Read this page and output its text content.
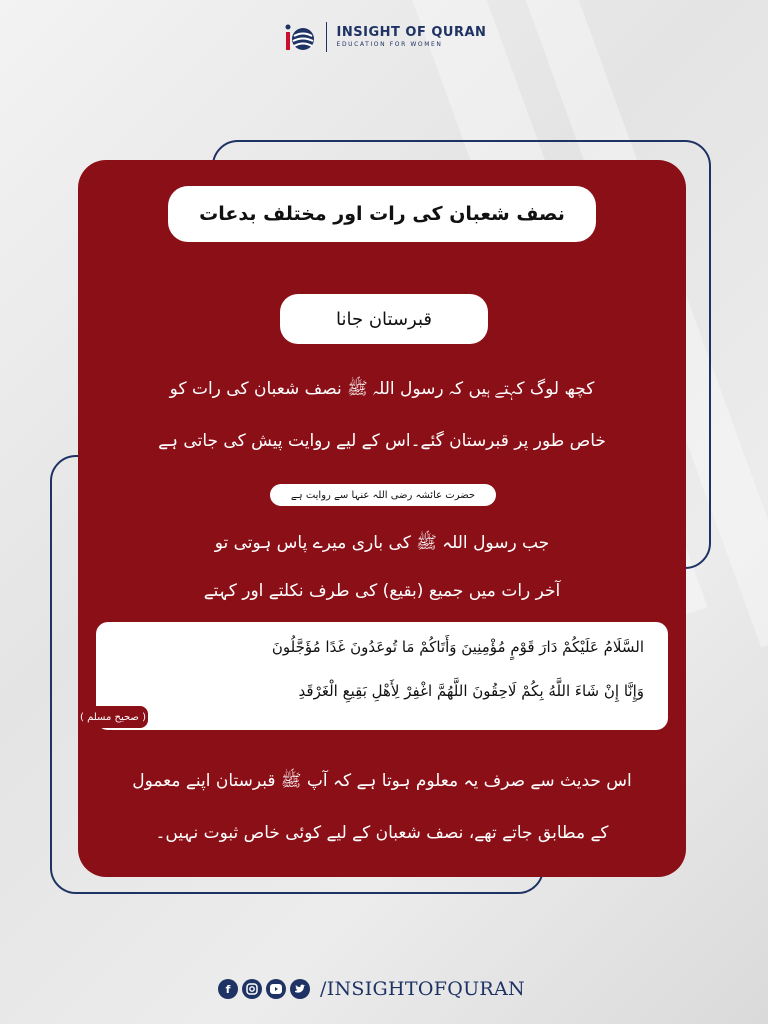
INSIGHT OF QURAN
EDUCATION FOR WOMEN
نصف شعبان کی رات اور مختلف بدعات
قبرستان جانا
کچھ لوگ کہتے ہیں کہ رسول اللہ ﷺ نصف شعبان کی رات کو
خاص طور پر قبرستان گئے۔اس کے لیے روایت پیش کی جاتی ہے
حضرت عائشہ رضی اللہ عنہا سے روایت ہے
جب رسول اللہ ﷺ کی باری میرے پاس ہوتی تو
آخر رات میں جمیع (بقیع) کی طرف نکلتے اور کہتے
السَّلَامُ عَلَيْكُمْ دَارَ قَوْمٍ مُؤْمِنِينَ وَأَتَاكُمْ مَا تُوعَدُونَ غَدًا مُؤَجَّلُونَ
وَإِنَّا إِنْ شَاءَ اللَّهُ بِكُمْ لَاحِقُونَ اللَّهُمَّ اغْفِرْ لِأَهْلِ بَقِيعِ الْغَرْقَدِ
( صحیح مسلم )
اس حدیث سے صرف یہ معلوم ہوتا ہے کہ آپ ﷺ قبرستان اپنے معمول
کے مطابق جاتے تھے، نصف شعبان کے لیے کوئی خاص ثبوت نہیں۔
f	/INSIGHTOFQURAN
